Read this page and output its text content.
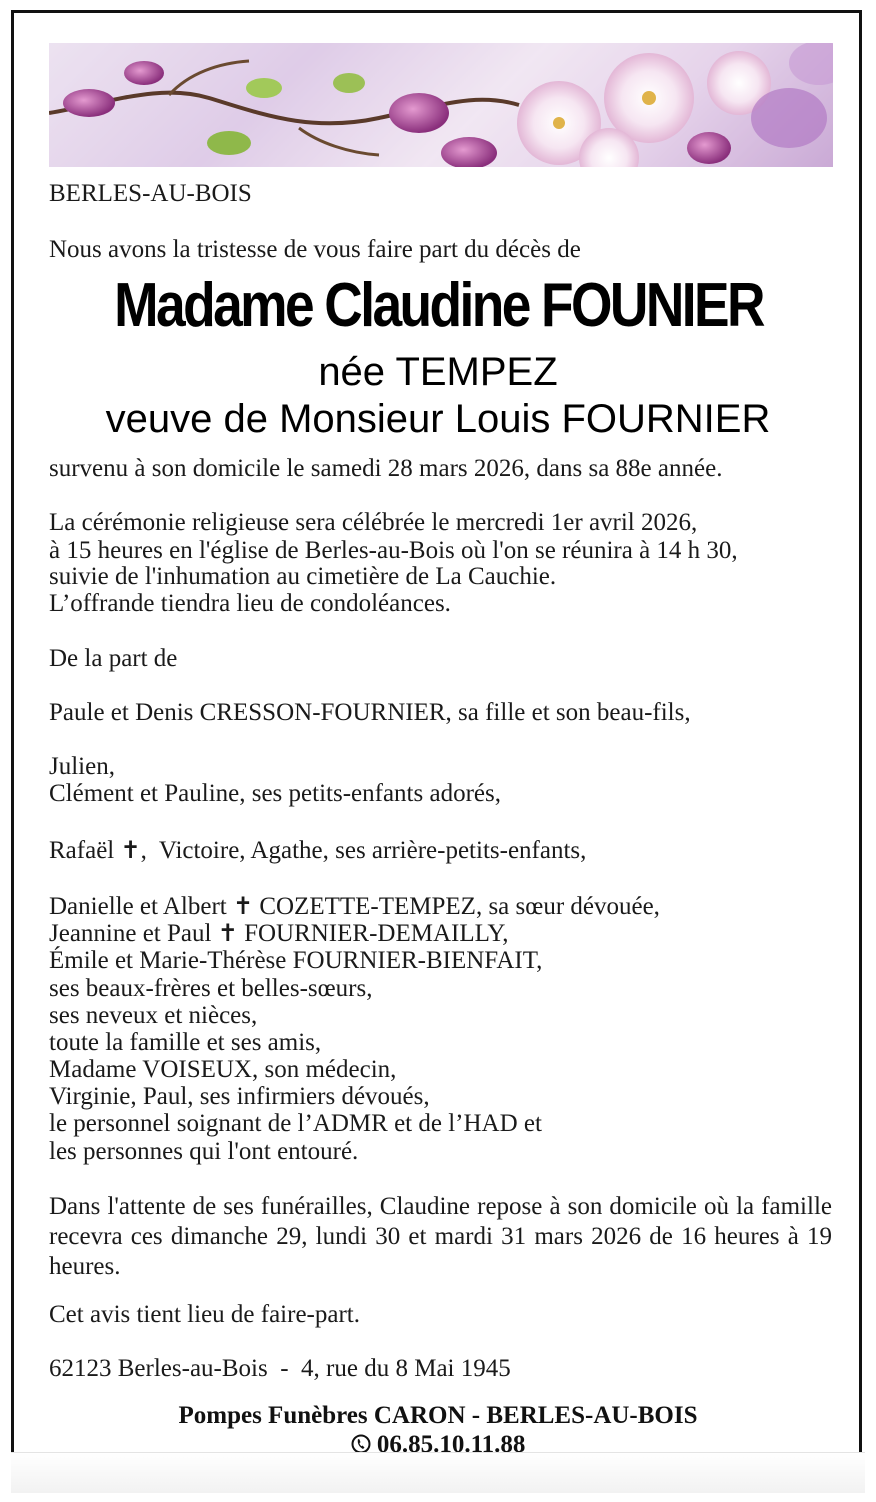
BERLES-AU-BOIS
Nous avons la tristesse de vous faire part du décès de
Madame Claudine FOUNIER
née TEMPEZ
veuve de Monsieur Louis FOURNIER
survenu à son domicile le samedi 28 mars 2026, dans sa 88e année.
La cérémonie religieuse sera célébrée le mercredi 1er avril 2026,
à 15 heures en l'église de Berles-au-Bois où l'on se réunira à 14 h 30,
suivie de l'inhumation au cimetière de La Cauchie.
L’offrande tiendra lieu de condoléances.
De la part de
Paule et Denis CRESSON-FOURNIER, sa fille et son beau-fils,
Julien,
Clément et Pauline, ses petits-enfants adorés,
Rafaël ✝,  Victoire, Agathe, ses arrière-petits-enfants,
Danielle et Albert ✝ COZETTE-TEMPEZ, sa sœur dévouée,
Jeannine et Paul ✝ FOURNIER-DEMAILLY,
Émile et Marie-Thérèse FOURNIER-BIENFAIT,
ses beaux-frères et belles-sœurs,
ses neveux et nièces,
toute la famille et ses amis,
Madame VOISEUX, son médecin,
Virginie, Paul, ses infirmiers dévoués,
le personnel soignant de l’ADMR et de l’HAD et
les personnes qui l'ont entouré.
Dans l'attente de ses funérailles, Claudine repose à son domicile où la famille recevra ces dimanche 29, lundi 30 et mardi 31 mars 2026 de 16 heures à 19 heures.
Cet avis tient lieu de faire-part.
62123 Berles-au-Bois  -  4, rue du 8 Mai 1945
Pompes Funèbres CARON - BERLES-AU-BOIS
06.85.10.11.88
